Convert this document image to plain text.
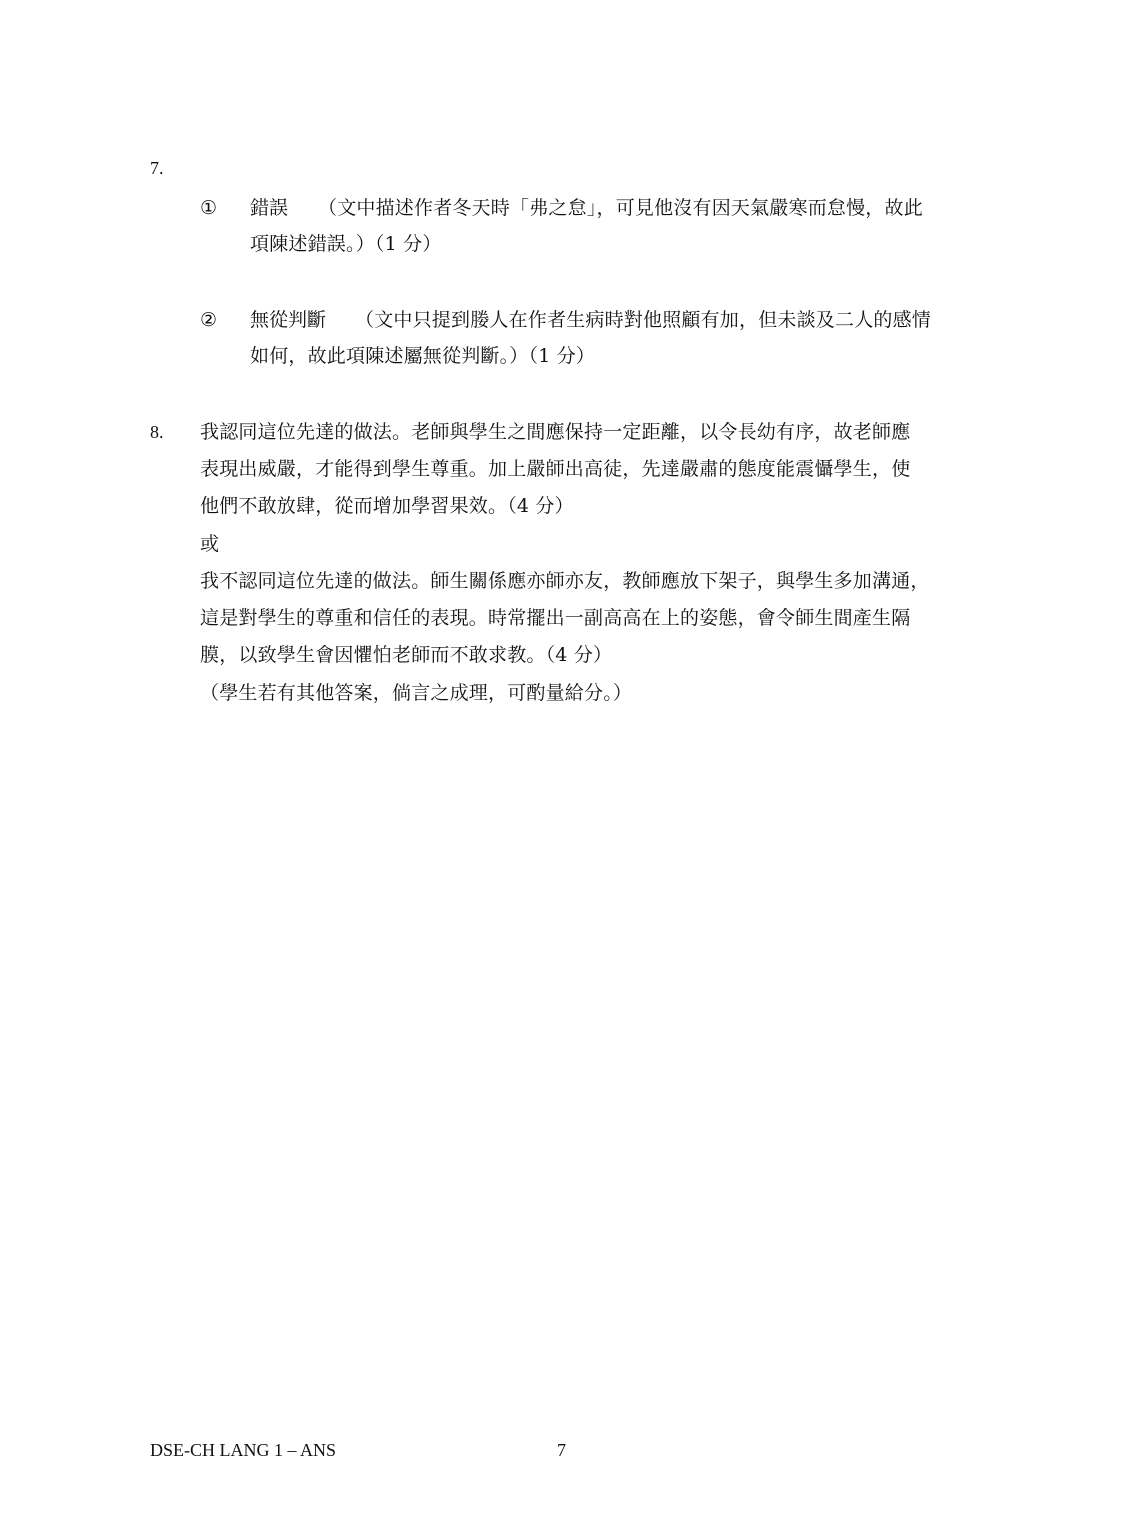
7.
① 錯誤 （文中描述作者冬天時「弗之怠」，可見他沒有因天氣嚴寒而怠慢，故此
項陳述錯誤。）（1 分）
② 無從判斷 （文中只提到媵人在作者生病時對他照顧有加，但未談及二人的感情
如何，故此項陳述屬無從判斷。）（1 分）
8. 我認同這位先達的做法。老師與學生之間應保持一定距離，以令長幼有序，故老師應
表現出威嚴，才能得到學生尊重。加上嚴師出高徒，先達嚴肅的態度能震懾學生，使
他們不敢放肆，從而增加學習果效。（4 分）
或
我不認同這位先達的做法。師生關係應亦師亦友，教師應放下架子，與學生多加溝通，
這是對學生的尊重和信任的表現。時常擺出一副高高在上的姿態，會令師生間產生隔
膜，以致學生會因懼怕老師而不敢求教。（4 分）
（學生若有其他答案，倘言之成理，可酌量給分。）
DSE-CH LANG 1 – ANS	7
